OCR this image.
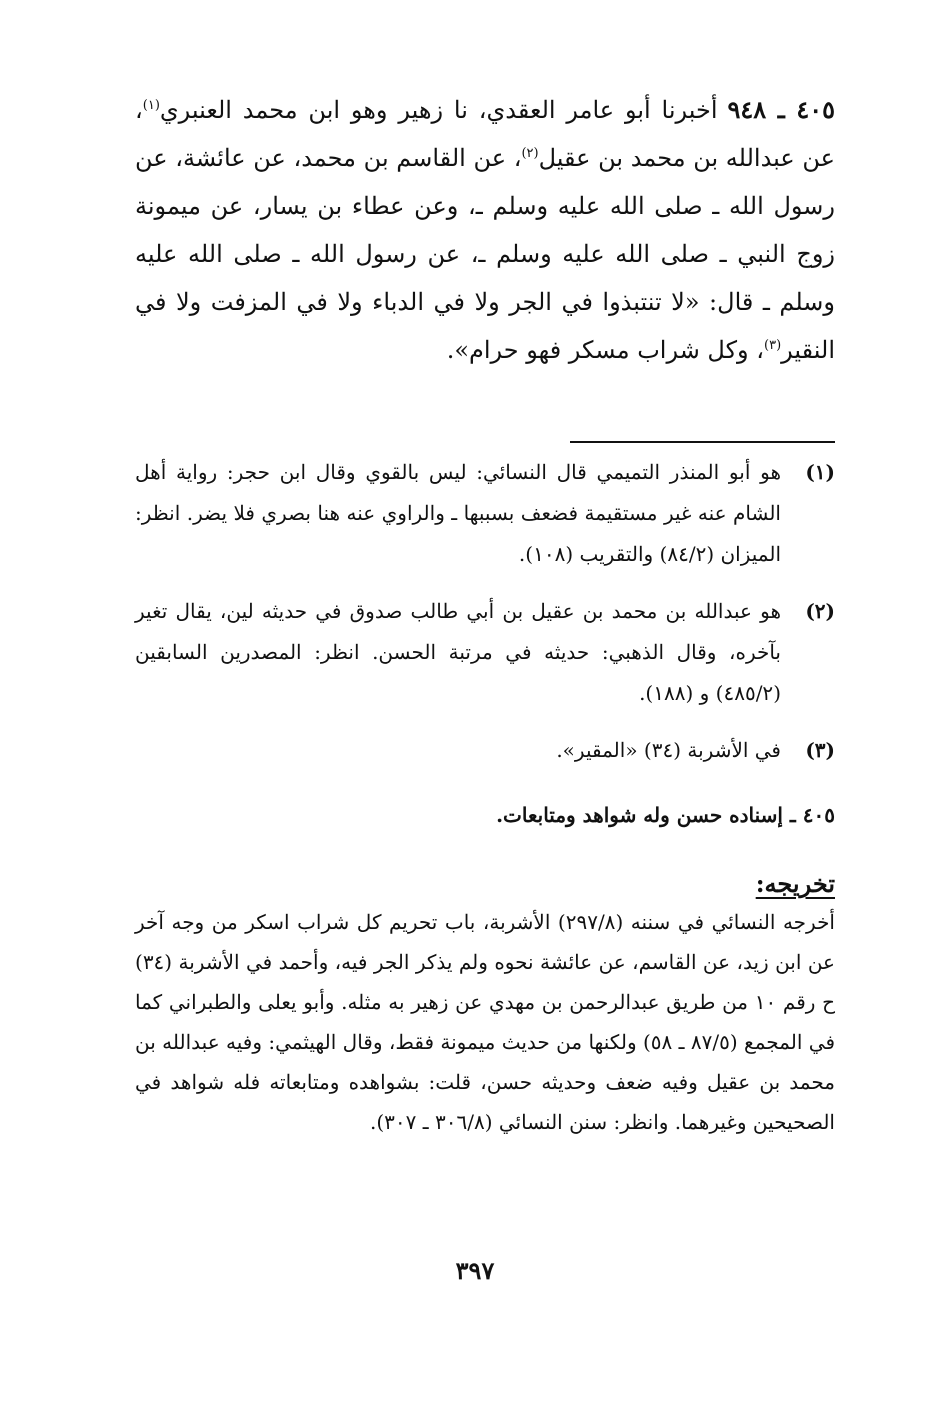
٤٠٥ ـ ٩٤٨أخبرنا أبو عامر العقدي، نا زهير وهو ابن محمد العنبري$^{(١)}$، عن عبدالله بن محمد بن عقيل$^{(٢)}$، عن القاسم بن محمد، عن عائشة، عن رسول الله ـ صلى الله عليه وسلم ـ، وعن عطاء بن يسار، عن ميمونة زوج النبي ـ صلى الله عليه وسلم ـ، عن رسول الله ـ صلى الله عليه وسلم ـ قال: «لا تنتبذوا في الجر ولا في الدباء ولا في المزفت ولا في النقير$^{(٣)}$، وكل شراب مسكر فهو حرام».

(١)
هو أبو المنذر التميمي قال النسائي: ليس بالقوي وقال ابن حجر: رواية أهل الشام عنه غير مستقيمة فضعف بسببها ـ والراوي عنه هنا بصري فلا يضر. انظر: الميزان (٨٤/٢) والتقريب (١٠٨).
(٢)
هو عبدالله بن محمد بن عقيل بن أبي طالب صدوق في حديثه لين، يقال تغير بآخره، وقال الذهبي: حديثه في مرتبة الحسن. انظر: المصدرين السابقين (٤٨٥/٢) و (١٨٨).
(٣)
في الأشربة (٣٤) «المقير».
٤٠٥ ـ إسناده حسن وله شواهد ومتابعات.
تخريجه:

أخرجه النسائي في سننه (٢٩٧/٨) الأشربة، باب تحريم كل شراب اسكر من وجه آخر عن ابن زيد، عن القاسم، عن عائشة نحوه ولم يذكر الجر فيه، وأحمد في الأشربة (٣٤) ح رقم ١٠ من طريق عبدالرحمن بن مهدي عن زهير به مثله. وأبو يعلى والطبراني كما في المجمع (٨٧/٥ ـ ٥٨) ولكنها من حديث ميمونة فقط، وقال الهيثمي: وفيه عبدالله بن محمد بن عقيل وفيه ضعف وحديثه حسن، قلت: بشواهده ومتابعاته فله شواهد في الصحيحين وغيرهما. وانظر: سنن النسائي (٣٠٦/٨ ـ ٣٠٧).

٣٩٧
